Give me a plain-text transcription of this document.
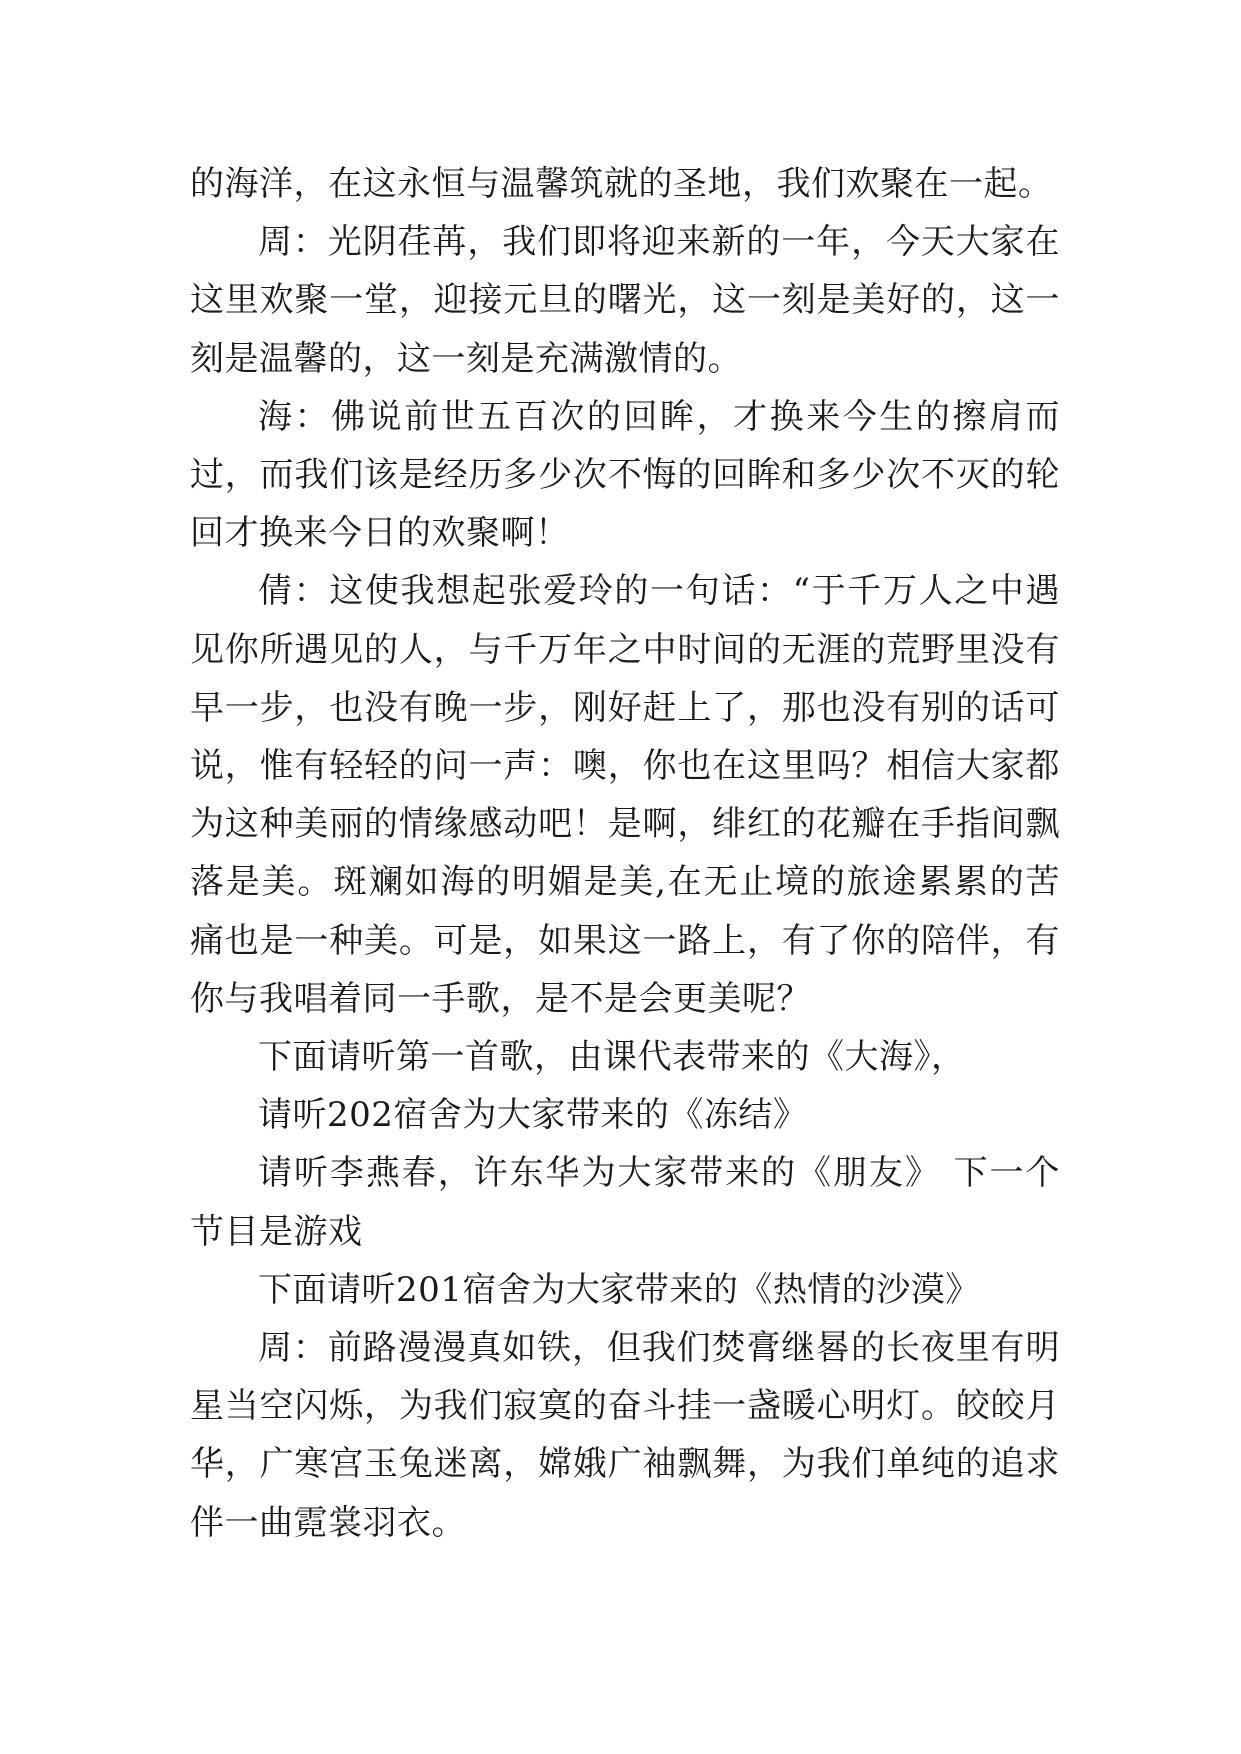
的海洋，在这永恒与温馨筑就的圣地，我们欢聚在一起。

周：光阴荏苒，我们即将迎来新的一年，今天大家在这里欢聚一堂，迎接元旦的曙光，这一刻是美好的，这一刻是温馨的，这一刻是充满激情的。

海：佛说前世五百次的回眸，才换来今生的擦肩而过，而我们该是经历多少次不悔的回眸和多少次不灭的轮回才换来今日的欢聚啊！

倩：这使我想起张爱玲的一句话：“于千万人之中遇见你所遇见的人，与千万年之中时间的无涯的荒野里没有早一步，也没有晚一步，刚好赶上了，那也没有别的话可说，惟有轻轻的问一声：噢，你也在这里吗？相信大家都为这种美丽的情缘感动吧！是啊，绯红的花瓣在手指间飘落是美。斑斓如海的明媚是美,在无止境的旅途累累的苦痛也是一种美。可是，如果这一路上，有了你的陪伴，有你与我唱着同一手歌，是不是会更美呢？

下面请听第一首歌，由课代表带来的《大海》，

请听202宿舍为大家带来的《冻结》

请听李燕春，许东华为大家带来的《朋友》 下一个节目是游戏

下面请听201宿舍为大家带来的《热情的沙漠》

周：前路漫漫真如铁，但我们焚膏继晷的长夜里有明星当空闪烁，为我们寂寞的奋斗挂一盏暖心明灯。皎皎月华，广寒宫玉兔迷离，嫦娥广袖飘舞，为我们单纯的追求伴一曲霓裳羽衣。
